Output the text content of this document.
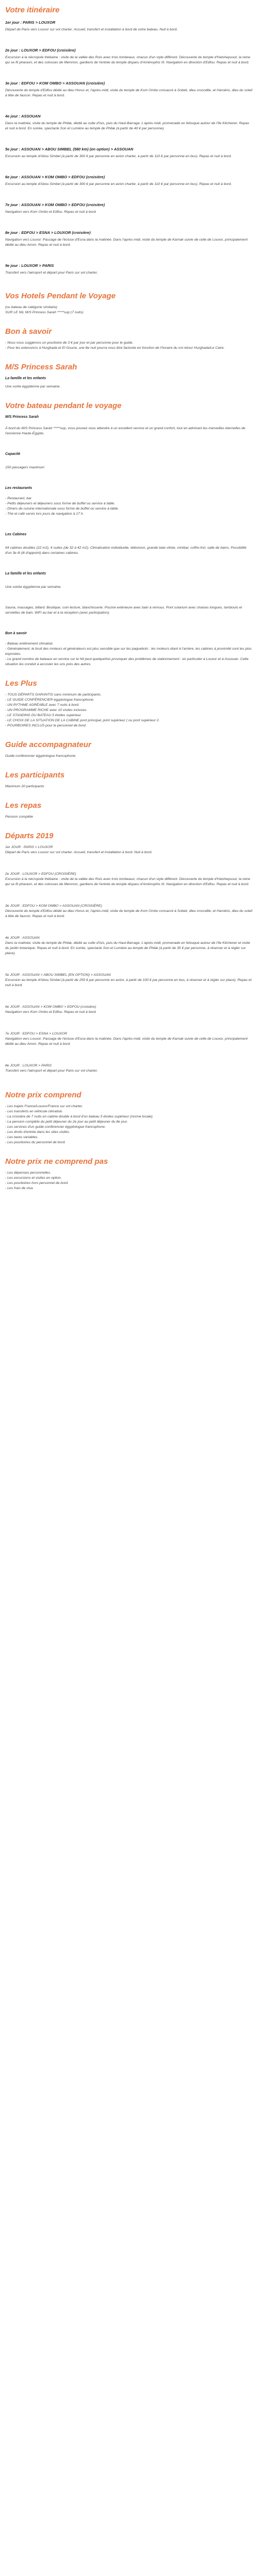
Votre itinéraire
1er jour : PARIS > LOUXOR
Départ de Paris vers Louxor sur vol charter. Accueil, transfert et installation à bord de votre bateau. Nuit à bord.
2e jour : LOUXOR > EDFOU (croisière)
Excursion à la nécropole thébaine : visite de la vallée des Rois avec trois tombeaux, chacun d'un style différent. Découverte du temple d'Hatshepsout, la reine qui se fit pharaon, et des colosses de Memnon, gardiens de l'entrée du temple disparu d'Aménophis III. Navigation en direction d'Edfou. Repas et nuit à bord.
3e jour : EDFOU > KOM OMBO > ASSOUAN (croisière)
Découverte du temple d'Edfou dédié au dieu Horus et, l'après-midi, visite du temple de Kom Ombo consacré à Sobek, dieu crocodile, et Haroëris, dieu du soleil à tête de faucon. Repas et nuit à bord.
4e jour : ASSOUAN
Dans la matinée, visite du temple de Philæ, dédié au culte d'Isis, puis du Haut-Barrage. L'après-midi, promenade en felouque autour de l'île Kitchener. Repas et nuit à bord. En soirée, spectacle Son et Lumière au temple de Philæ (à partir de 40 € par personne).
5e jour : ASSOUAN > ABOU SIMBEL (580 km) (en option) > ASSOUAN
Excursion au temple d'Abou Simbel (à partir de 300 € par personne en avion charter, à partir de 110 € par personne en bus). Repas et nuit à bord.
6e jour : ASSOUAN > KOM OMBO > EDFOU (croisière)
Excursion au temple d'Abou Simbel (à partir de 300 € par personne en avion charter, à partir de 110 € par personne en bus). Repas et nuit à bord.
7e jour : ASSOUAN > KOM OMBO > EDFOU (croisière)
Navigation vers Kom Ombo et Edfou. Repas et nuit à bord.
8e jour : EDFOU > ESNA > LOUXOR (croisière)
Navigation vers Louxor. Passage de l'écluse d'Esna dans la matinée. Dans l'après-midi, visite du temple de Karnak suivie de celle de Louxor, principalement dédié au dieu Amon. Repas et nuit à bord.
9e jour : LOUXOR > PARIS
Transfert vers l'aéroport et départ pour Paris sur vol charter.
Vos Hotels Pendant le Voyage
(ou bateau de catégorie similaire)
SUR LE NIL M/S Princess Sarah *****sup (7 nuits)
Bon à savoir
- Nous vous suggérons un pourboire de 3 € par jour et par personne pour le guide.
- Pour les extensions à Hurghada et El Gouna, une 8e nuit pourra vous être facturée en fonction de l'horaire du vol retour Hurghada/Le Caire.
M/S Princess Sarah
La famille et les enfants
Une sortie égyptienne par semaine.
Votre bateau pendant le voyage
M/S Princess Sarah
À bord du M/S Princess Sarah *****sup, vous pouvez vous attendre à un excellent service et un grand confort, tout en admirant les merveilles éternelles de l'ancienne Haute-Égypte.
Capacité
150 passagers maximum
Les restaurants
- Restaurant, bar
- Petits déjeuners et déjeuners sous forme de buffet ou service à table.
- Dîners de cuisine internationale sous forme de buffet ou service à table.
- Thé et café servis lors jours de navigation à 17 h.
Les Cabines
64 cabines doubles (22 m2), 4 suites (de 32 à 42 m2). Climatisation individuelle, télévision, grande baie vitrée, minibar, coffre-fort, salle de bains. Possibilité d'un 3e lit (lit d'appoint) dans certaines cabines.
La famille et les enfants
Une soirée égyptienne par semaine.
Sauna, massages, billard. Boutique, coin lecture, blanchisserie. Piscine extérieure avec bain à remous. Pont solarium avec chaises longues, tambouls et serviettes de bain. WiFi au bar et à la réception (avec participation).
Bon à savoir
- Bateau entièrement climatisé.
- Généralement, le bruit des moteurs et générateurs est plus sensible que sur les paquebots : les moteurs étant à l'arrière, les cabines à proximité sont les plus exposées.
- Le grand nombre de bateaux en service sur le Nil peut quelquefois provoquer des problèmes de stationnement : en particulier à Louxor et à Assouan. Cette situation les conduit à accoster les uns près des autres.
Les Plus
- TOUS DÉPARTS GARANTIS sans minimum de participants.
- LE GUIDE CONFÉRENCIER égyptologue francophone.
- UN RYTHME AGRÉABLE avec 7 nuits à bord.
- UN PROGRAMME RICHE avec 10 visites incluses.
- LE STANDING DU BATEAU 5 étoiles supérieur.
- LE CHOIX DE LA SITUATION DE LA CABINE pont principal, pont supérieur ( ou pont supérieur 2.
- POURBOIRES INCLUS pour le personnel de bord.
Guide accompagnateur
Guide conférencier égyptologue francophone.
Les participants
Maximum 20 participants
Les repas
Pension complète
Départs 2019
1er JOUR : PARIS > LOUXOR
Départ de Paris vers Louxor sur vol charter. Accueil, transfert et installation à bord. Nuit à bord.
2e JOUR : LOUXOR > EDFOU (CROISIÈRE)
Excursion à la nécropole thébaine : visite de la vallée des Rois avec trois tombeaux, chacun d'un style différent. Découverte du temple d'Hatshepsout, la reine qui se fit pharaon, et des colosses de Memnon, gardiens de l'entrée du temple disparu d'Aménophis III. Navigation en direction d'Edfou. Repas et nuit à bord.
3e JOUR : EDFOU > KOM OMBO > ASSOUAN (CROISIÈRE)
Découverte du temple d'Edfou dédié au dieu Horus et, l'après-midi, visite du temple de Kom Ombo consacré à Sobek, dieu crocodile, et Haroëris, dieu du soleil à tête de faucon. Repas et nuit à bord.
4e JOUR : ASSOUAN
Dans la matinée, visite du temple de Philæ, dédié au culte d'Isis, puis du Haut-Barrage. L'après-midi, promenade en felouque autour de l'île Kitchener et visite du jardin botanique. Repas et nuit à bord. En soirée, spectacle Son et Lumière au temple de Philæ (à partir de 35 € par personne, à réserver et à régler sur place).
5e JOUR : ASSOUAN > ABOU SIMBEL (EN OPTION) > ASSOUAN
Excursion au temple d'Abou Simbel (à partir de 250 € par personne en avion, à partir de 100 € par personne en bus, à réserver et à régler sur place). Repas et nuit à bord.
6e JOUR : ASSOUAN > KOM OMBO > EDFOU (croisière)
Navigation vers Kom Ombo et Edfou. Repas et nuit à bord.
7e JOUR : EDFOU > ESNA > LOUXOR
Navigation vers Louxor. Passage de l'écluse d'Esna dans la matinée. Dans l'après-midi, visite du temple de Karnak suivie de celle de Louxor, principalement dédié au dieu Amon. Repas et nuit à bord.
8e JOUR : LOUXOR > PARIS
Transfert vers l'aéroport et départ pour Paris sur vol charter.
Notre prix comprend
- Les trajets France/Louxor/France sur vol charter.
- Les transferts en véhicule climatisé.
- La croisière de 7 nuits en cabine double à bord d'un bateau 5 étoiles supérieur (norme locale).
- La pension complète du petit déjeuner du 2e jour au petit déjeuner du 8e jour.
- Les services d'un guide conférencier égyptologue francophone.
- Les droits d'entrée dans les sites visités.
- Les taxes variables.
- Les pourboires du personnel de bord.
Notre prix ne comprend pas
- Les dépenses personnelles.
- Les excursions et visites en option.
- Les pourboires hors personnel de bord.
- Les frais de visa.
